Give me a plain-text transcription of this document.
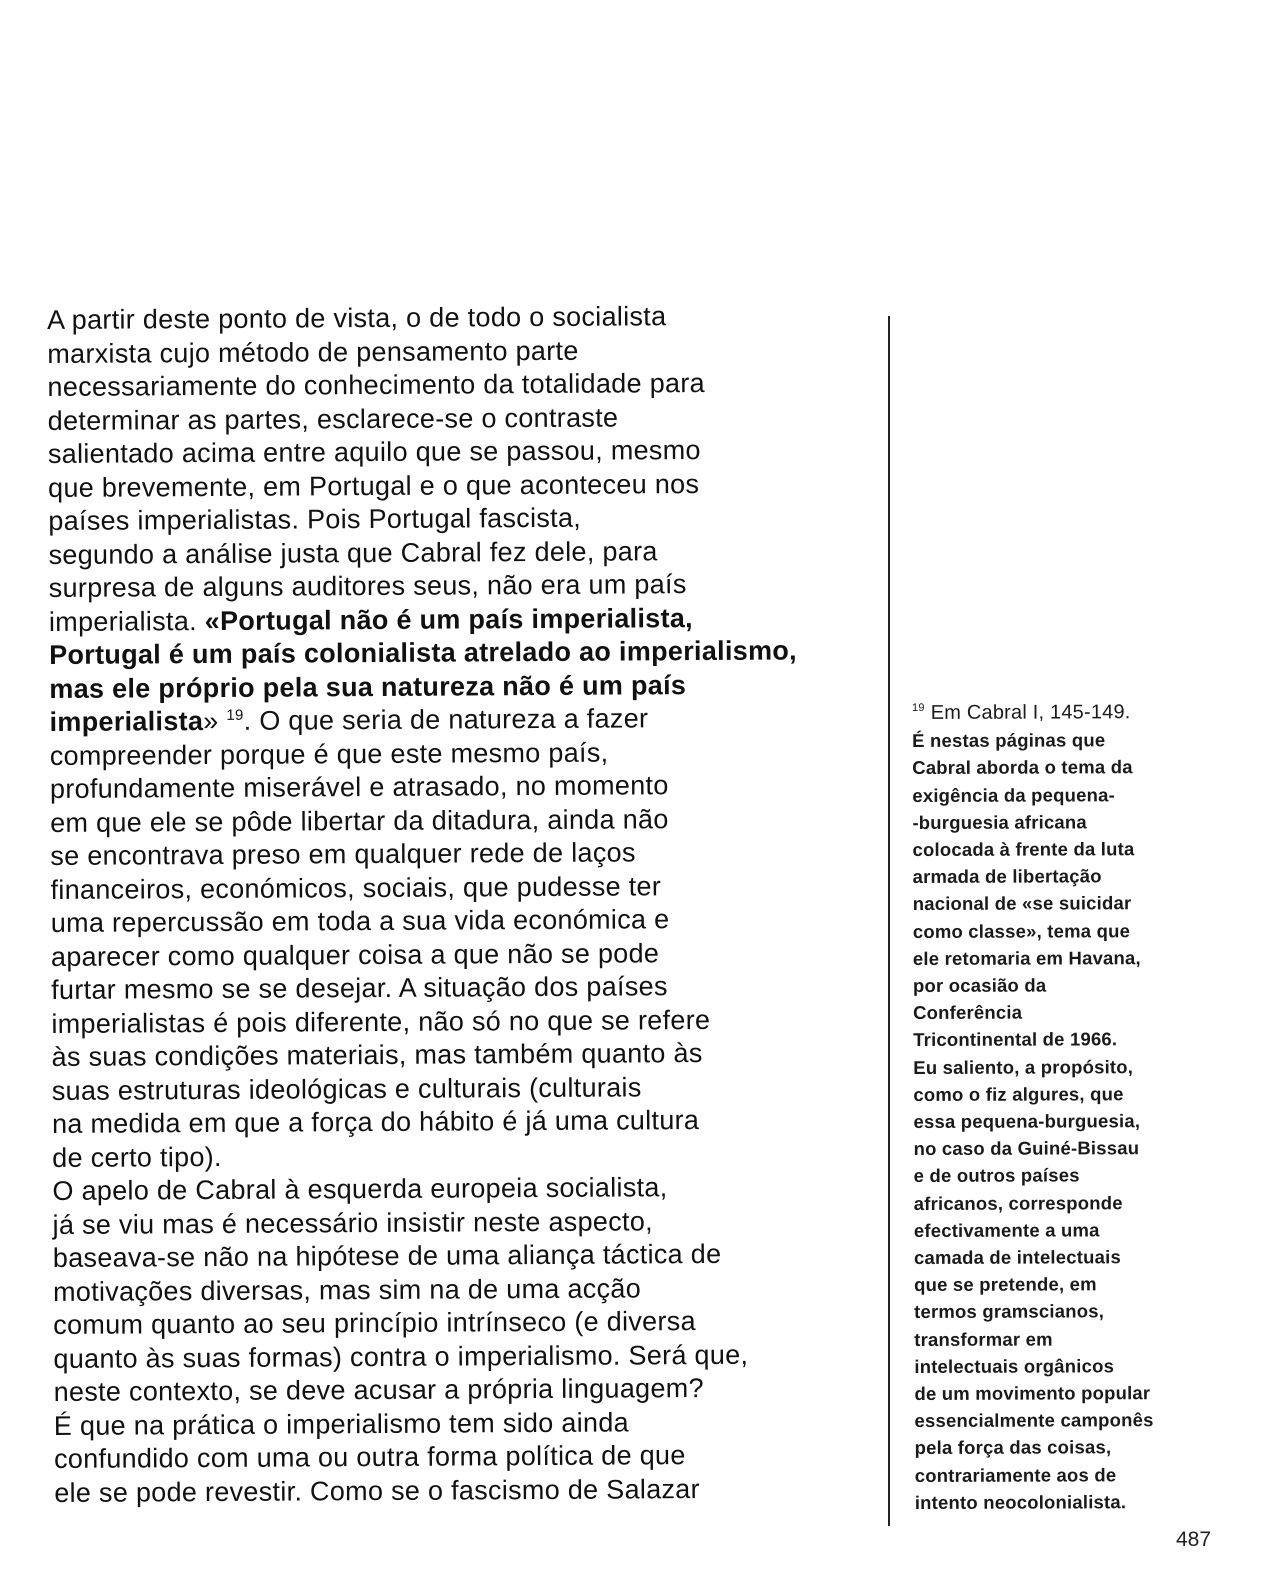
A partir deste ponto de vista, o de todo o socialista
marxista cujo método de pensamento parte
necessariamente do conhecimento da totalidade para
determinar as partes, esclarece-se o contraste
salientado acima entre aquilo que se passou, mesmo
que brevemente, em Portugal e o que aconteceu nos
países imperialistas. Pois Portugal fascista,
segundo a análise justa que Cabral fez dele, para
surpresa de alguns auditores seus, não era um país
imperialista. «Portugal não é um país imperialista,
Portugal é um país colonialista atrelado ao imperialismo,
mas ele próprio pela sua natureza não é um país
imperialista» $^{19}$. O que seria de natureza a fazer
compreender porque é que este mesmo país,
profundamente miserável e atrasado, no momento
em que ele se pôde libertar da ditadura, ainda não
se encontrava preso em qualquer rede de laços
financeiros, económicos, sociais, que pudesse ter
uma repercussão em toda a sua vida económica e
aparecer como qualquer coisa a que não se pode
furtar mesmo se se desejar. A situação dos países
imperialistas é pois diferente, não só no que se refere
às suas condições materiais, mas também quanto às
suas estruturas ideológicas e culturais (culturais
na medida em que a força do hábito é já uma cultura
de certo tipo).
O apelo de Cabral à esquerda europeia socialista,
já se viu mas é necessário insistir neste aspecto,
baseava-se não na hipótese de uma aliança táctica de
motivações diversas, mas sim na de uma acção
comum quanto ao seu princípio intrínseco (e diversa
quanto às suas formas) contra o imperialismo. Será que,
neste contexto, se deve acusar a própria linguagem?
É que na prática o imperialismo tem sido ainda
confundido com uma ou outra forma política de que
ele se pode revestir. Como se o fascismo de Salazar
$^{19}$ Em Cabral I, 145-149.
É nestas páginas que
Cabral aborda o tema da
exigência da pequena-
-burguesia africana
colocada à frente da luta
armada de libertação
nacional de «se suicidar
como classe», tema que
ele retomaria em Havana,
por ocasião da
Conferência
Tricontinental de 1966.
Eu saliento, a propósito,
como o fiz algures, que
essa pequena-burguesia,
no caso da Guiné-Bissau
e de outros países
africanos, corresponde
efectivamente a uma
camada de intelectuais
que se pretende, em
termos gramscianos,
transformar em
intelectuais orgânicos
de um movimento popular
essencialmente camponês
pela força das coisas,
contrariamente aos de
intento neocolonialista.
487
